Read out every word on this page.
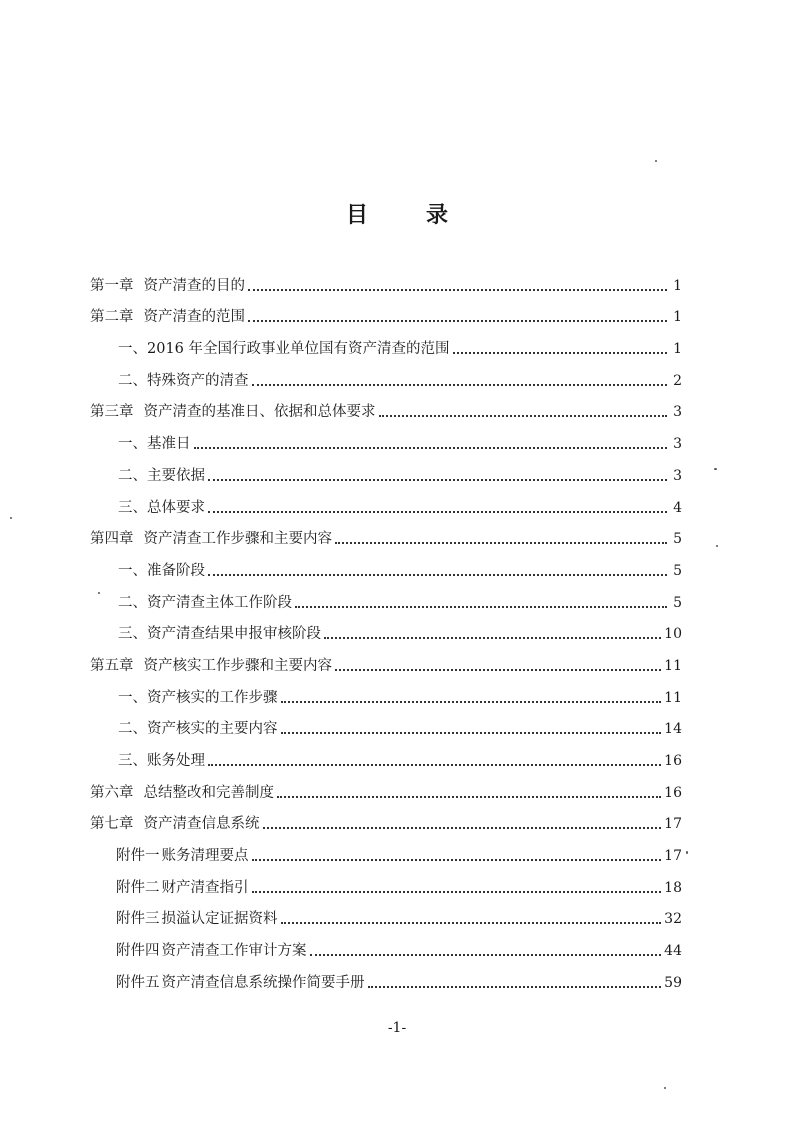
目　录
第一章 资产清查的目的	1
第二章 资产清查的范围	1
一、2016 年全国行政事业单位国有资产清查的范围	1
二、特殊资产的清查	2
第三章 资产清查的基准日、依据和总体要求	3
一、基准日	3
二、主要依据	3
三、总体要求	4
第四章 资产清查工作步骤和主要内容	5
一、准备阶段	5
二、资产清查主体工作阶段	5
三、资产清查结果申报审核阶段	10
第五章 资产核实工作步骤和主要内容	11
一、资产核实的工作步骤	11
二、资产核实的主要内容	14
三、账务处理	16
第六章 总结整改和完善制度	16
第七章 资产清查信息系统	17
附件一 账务清理要点	17
附件二 财产清查指引	18
附件三 损溢认定证据资料	32
附件四 资产清查工作审计方案	44
附件五 资产清查信息系统操作简要手册	59
-1-
